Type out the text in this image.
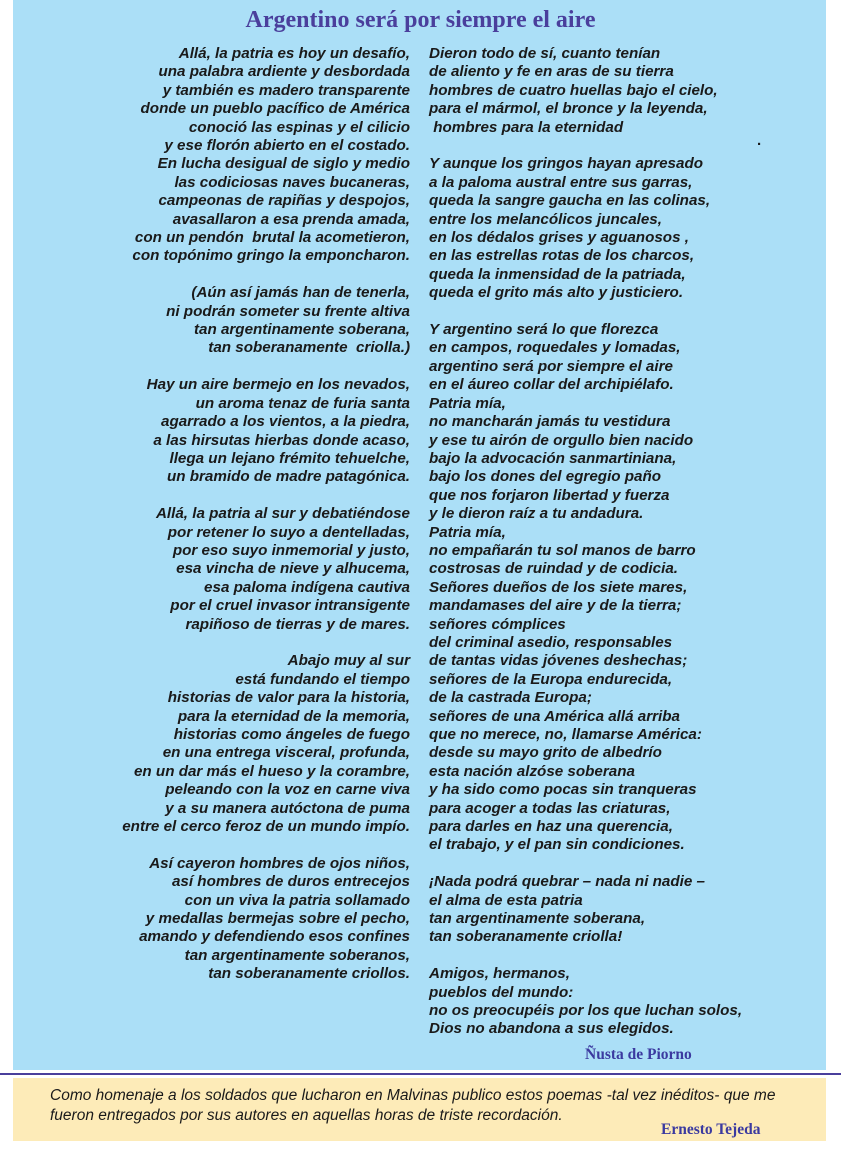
Argentino será por siempre el aire
Allá, la patria es hoy un desafío,
una palabra ardiente y desbordada
y también es madero transparente
donde un pueblo pacífico de América
conoció las espinas y el cilicio
y ese florón abierto en el costado.
En lucha desigual de siglo y medio
las codiciosas naves bucaneras,
campeonas de rapiñas y despojos,
avasallaron a esa prenda amada,
con un pendón  brutal la acometieron,
con topónimo gringo la emponcharon.
(Aún así jamás han de tenerla,
ni podrán someter su frente altiva
tan argentinamente soberana,
tan soberanamente  criolla.)
Hay un aire bermejo en los nevados,
un aroma tenaz de furia santa
agarrado a los vientos, a la piedra,
a las hirsutas hierbas donde acaso,
llega un lejano frémito tehuelche,
un bramido de madre patagónica.
Allá, la patria al sur y debatiéndose
por retener lo suyo a dentelladas,
por eso suyo inmemorial y justo,
esa vincha de nieve y alhucema,
esa paloma indígena cautiva
por el cruel invasor intransigente
rapiñoso de tierras y de mares.
Abajo muy al sur
está fundando el tiempo
historias de valor para la historia,
para la eternidad de la memoria,
historias como ángeles de fuego
en una entrega visceral, profunda,
en un dar más el hueso y la corambre,
peleando con la voz en carne viva
y a su manera autóctona de puma
entre el cerco feroz de un mundo impío.
Así cayeron hombres de ojos niños,
así hombres de duros entrecejos
con un viva la patria sollamado
y medallas bermejas sobre el pecho,
amando y defendiendo esos confines
tan argentinamente soberanos,
tan soberanamente criollos.
Dieron todo de sí, cuanto tenían
de aliento y fe en aras de su tierra
hombres de cuatro huellas bajo el cielo,
para el mármol, el bronce y la leyenda,
hombres para la eternidad
Y aunque los gringos hayan apresado
a la paloma austral entre sus garras,
queda la sangre gaucha en las colinas,
entre los melancólicos juncales,
en los dédalos grises y aguanosos ,
en las estrellas rotas de los charcos,
queda la inmensidad de la patriada,
queda el grito más alto y justiciero.
Y argentino será lo que florezca
en campos, roquedales y lomadas,
argentino será por siempre el aire
en el áureo collar del archipiélafo.
Patria mía,
no mancharán jamás tu vestidura
y ese tu airón de orgullo bien nacido
bajo la advocación sanmartiniana,
bajo los dones del egregio paño
que nos forjaron libertad y fuerza
y le dieron raíz a tu andadura.
Patria mía,
no empañarán tu sol manos de barro
costrosas de ruindad y de codicia.
Señores dueños de los siete mares,
mandamases del aire y de la tierra;
señores cómplices
del criminal asedio, responsables
de tantas vidas jóvenes deshechas;
señores de la Europa endurecida,
de la castrada Europa;
señores de una América allá arriba
que no merece, no, llamarse América:
desde su mayo grito de albedrío
esta nación alzóse soberana
y ha sido como pocas sin tranqueras
para acoger a todas las criaturas,
para darles en haz una querencia,
el trabajo, y el pan sin condiciones.
¡Nada podrá quebrar – nada ni nadie –
el alma de esta patria
tan argentinamente soberana,
tan soberanamente criolla!
Amigos, hermanos,
pueblos del mundo:
no os preocupéis por los que luchan solos,
Dios no abandona a sus elegidos.
.
Ñusta de Piorno

Como homenaje a los soldados que lucharon en Malvinas publico estos poemas -tal vez inéditos- que me fueron entregados por sus autores en aquellas horas de triste recordación.

Ernesto Tejeda
